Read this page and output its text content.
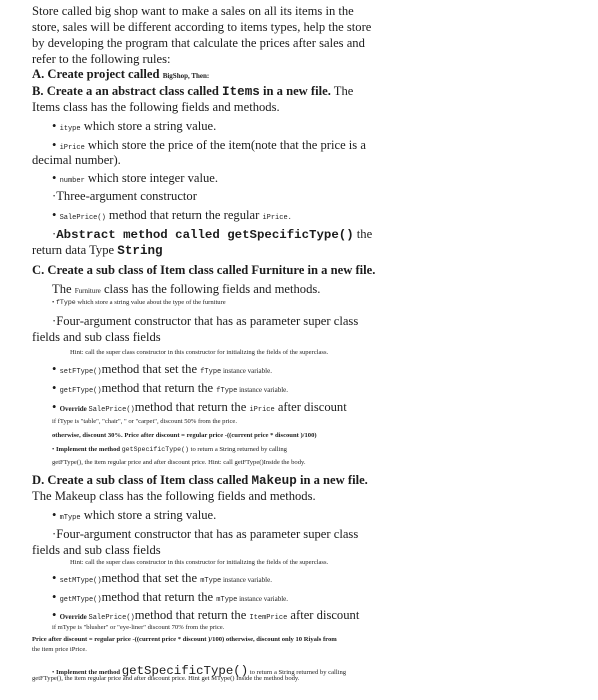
Store called big shop want to make a sales on all its items in the
store, sales will be different according to items types, help the store
by developing the program that calculate the prices after sales and
refer to the following rules:
A. Create project called BigShop, Then:
B. Create a an abstract class called Items in a new file. The
Items class has the following fields and methods.
• itype which store a string value.
• iPrice which store the price of the item(note that the price is a
decimal number).
• number which store integer value.
·Three-argument constructor
• SalePrice() method that return the regular iPrice.
·Abstract method called getSpecificType() the
return data Type String
C. Create a sub class of Item class called Furniture in a new file.
The Furniture class has the following fields and methods.
• fType which store a string value about the type of the furniture
·Four-argument constructor that has as parameter super class
fields and sub class fields
Hint: call the super class constructor in this constructor for initializing the fields of the superclass.
• setFType()method that set the fType instance variable.
• getFType()method that return the fType instance variable.
• Override SalePrice()method that return the iPrice after discount
if fType is "table", "chair", " or "carpet", discount 50% from the price.
otherwise, discount 30%. Price after discount = regular price -((current price * discount )/100)
• Implement the method getSpecificType() to return a String returned by calling
getFType(), the item regular price and after discount price. Hint: call getFType()Inside the body.
D. Create a sub class of Item class called Makeup in a new file.
The Makeup class has the following fields and methods.
• mType which store a string value.
·Four-argument constructor that has as parameter super class
fields and sub class fields
Hint: call the super class constructor in this constructor for initializing the fields of the superclass.
• setMType()method that set the mType instance variable.
• getMType()method that return the mType instance variable.
• Override SalePrice()method that return the ItemPrice after discount
if mType is "blusher" or "eye-liner" discount 70% from the price.
Price after discount = regular price -((current price * discount )/100) otherwise, discount only 10 Riyals from
the item price iPrice.
• Implement the method getSpecificType() to return a String returned by calling
getFType(), the item regular price and after discount price. Hint get MType() Inside the method body.
